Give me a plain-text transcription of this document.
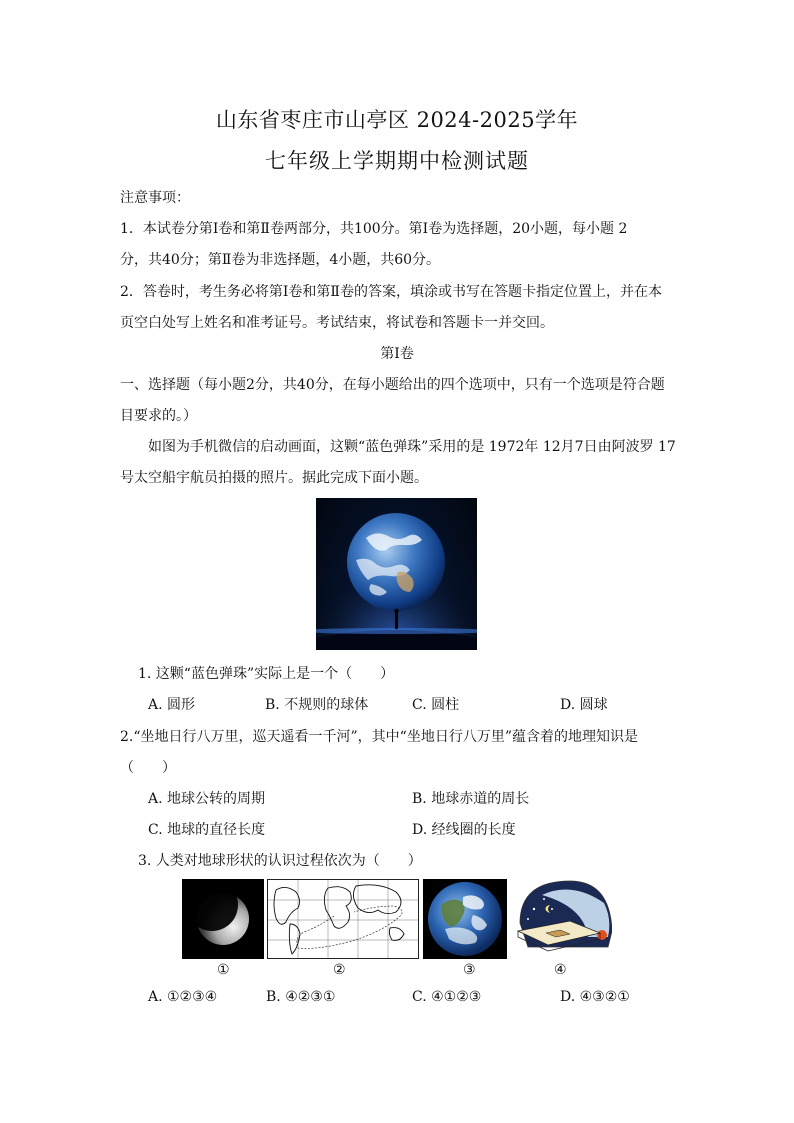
山东省枣庄市山亭区 2024-2025学年
七年级上学期期中检测试题
注意事项：
1．本试卷分第Ⅰ卷和第Ⅱ卷两部分，共100分。第Ⅰ卷为选择题，20小题，每小题 2
分，共40分；第Ⅱ卷为非选择题，4小题，共60分。
2．答卷时，考生务必将第Ⅰ卷和第Ⅱ卷的答案，填涂或书写在答题卡指定位置上，并在本
页空白处写上姓名和准考证号。考试结束，将试卷和答题卡一并交回。
第Ⅰ卷
一、选择题（每小题2分，共40分，在每小题给出的四个选项中，只有一个选项是符合题
目要求的。）
如图为手机微信的启动画面，这颗“蓝色弹珠”采用的是 1972年 12月7日由阿波罗 17
号太空船宇航员拍摄的照片。据此完成下面小题。
1. 这颗“蓝色弹珠”实际上是一个（　　）
A. 圆形	B. 不规则的球体	C. 圆柱	D. 圆球
2.“坐地日行八万里，巡天遥看一千河”，其中“坐地日行八万里”蕴含着的地理知识是
（　　）
A. 地球公转的周期	B. 地球赤道的周长
C. 地球的直径长度	D. 经线圈的长度
3. 人类对地球形状的认识过程依次为（　　）
①	②	③	④
A. ①②③④	B. ④②③①	C. ④①②③	D. ④③②①
